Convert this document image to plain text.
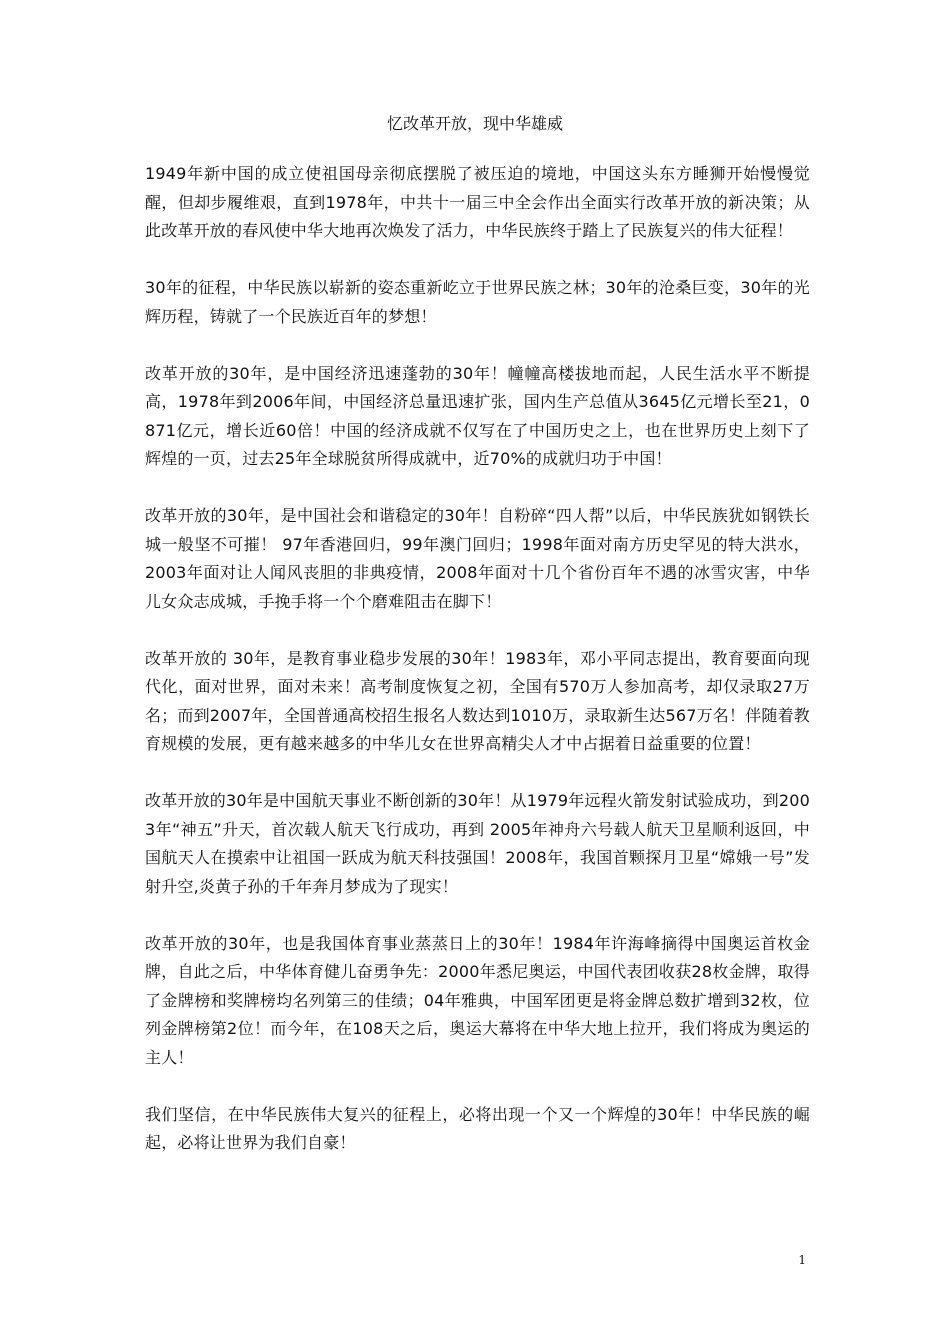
忆改革开放，现中华雄威

1949年新中国的成立使祖国母亲彻底摆脱了被压迫的境地，中国这头东方睡狮开始慢慢觉醒，但却步履维艰，直到1978年，中共十一届三中全会作出全面实行改革开放的新决策；从此改革开放的春风使中华大地再次焕发了活力，中华民族终于踏上了民族复兴的伟大征程！

30年的征程，中华民族以崭新的姿态重新屹立于世界民族之林；30年的沧桑巨变，30年的光辉历程，铸就了一个民族近百年的梦想！

改革开放的30年，是中国经济迅速蓬勃的30年！幢幢高楼拔地而起，人民生活水平不断提高，1978年到2006年间，中国经济总量迅速扩张，国内生产总值从3645亿元增长至21，0871亿元，增长近60倍！中国的经济成就不仅写在了中国历史之上，也在世界历史上刻下了辉煌的一页，过去25年全球脱贫所得成就中，近70%的成就归功于中国！

改革开放的30年，是中国社会和谐稳定的30年！自粉碎“四人帮”以后，中华民族犹如钢铁长城一般坚不可摧！ 97年香港回归，99年澳门回归；1998年面对南方历史罕见的特大洪水，2003年面对让人闻风丧胆的非典疫情，2008年面对十几个省份百年不遇的冰雪灾害，中华儿女众志成城，手挽手将一个个磨难阻击在脚下！

改革开放的 30年，是教育事业稳步发展的30年！1983年，邓小平同志提出，教育要面向现代化，面对世界，面对未来！高考制度恢复之初，全国有570万人参加高考，却仅录取27万名；而到2007年，全国普通高校招生报名人数达到1010万，录取新生达567万名！伴随着教育规模的发展，更有越来越多的中华儿女在世界高精尖人才中占据着日益重要的位置！

改革开放的30年是中国航天事业不断创新的30年！从1979年远程火箭发射试验成功，到2003年“神五”升天，首次载人航天飞行成功，再到 2005年神舟六号载人航天卫星顺利返回，中国航天人在摸索中让祖国一跃成为航天科技强国！2008年，我国首颗探月卫星“嫦娥一号”发射升空,炎黄子孙的千年奔月梦成为了现实！

改革开放的30年，也是我国体育事业蒸蒸日上的30年！1984年许海峰摘得中国奥运首枚金牌，自此之后，中华体育健儿奋勇争先：2000年悉尼奥运，中国代表团收获28枚金牌，取得了金牌榜和奖牌榜均名列第三的佳绩；04年雅典，中国军团更是将金牌总数扩增到32枚，位列金牌榜第2位！而今年，在108天之后，奥运大幕将在中华大地上拉开，我们将成为奥运的主人！

我们坚信，在中华民族伟大复兴的征程上，必将出现一个又一个辉煌的30年！中华民族的崛起，必将让世界为我们自豪！

1
